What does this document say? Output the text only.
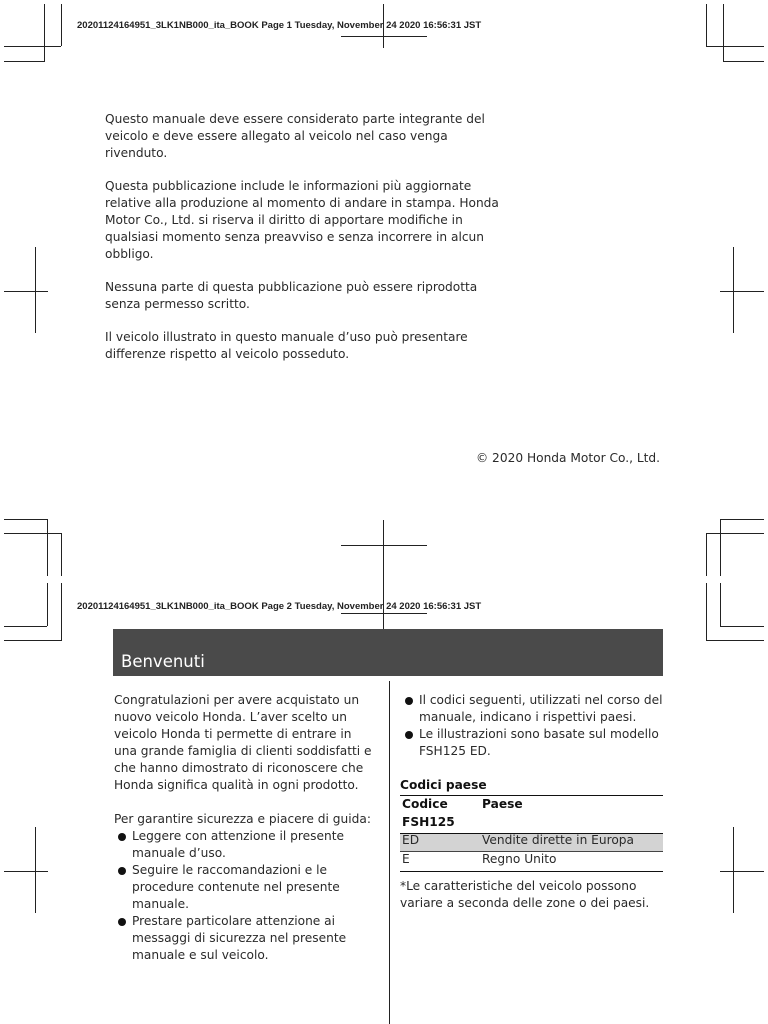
20201124164951_3LK1NB000_ita_BOOK Page 1 Tuesday, November 24 2020 16:56:31 JST

Questo manuale deve essere considerato parte integrante del veicolo e deve essere allegato al veicolo nel caso venga rivenduto.

Questa pubblicazione include le informazioni più aggiornate relative alla produzione al momento di andare in stampa. Honda Motor Co., Ltd. si riserva il diritto di apportare modifiche in qualsiasi momento senza preavviso e senza incorrere in alcun obbligo.

Nessuna parte di questa pubblicazione può essere riprodotta senza permesso scritto.

Il veicolo illustrato in questo manuale d’uso può presentare differenze rispetto al veicolo posseduto.

© 2020 Honda Motor Co., Ltd.
20201124164951_3LK1NB000_ita_BOOK Page 2 Tuesday, November 24 2020 16:56:31 JST
Benvenuti

Congratulazioni per avere acquistato un nuovo veicolo Honda. L’aver scelto un veicolo Honda ti permette di entrare in una grande famiglia di clienti soddisfatti e che hanno dimostrato di riconoscere che Honda significa qualità in ogni prodotto.

Per garantire sicurezza e piacere di guida:

Leggere con attenzione il presente manuale d’uso.
Seguire le raccomandazioni e le procedure contenute nel presente manuale.
Prestare particolare attenzione ai messaggi di sicurezza nel presente manuale e sul veicolo.
Il codici seguenti, utilizzati nel corso del manuale, indicano i rispettivi paesi.
Le illustrazioni sono basate sul modello FSH125 ED.
Codici paese
Codice	Paese
FSH125
ED	Vendite dirette in Europa
E	Regno Unito
*Le caratteristiche del veicolo possono variare a seconda delle zone o dei paesi.
